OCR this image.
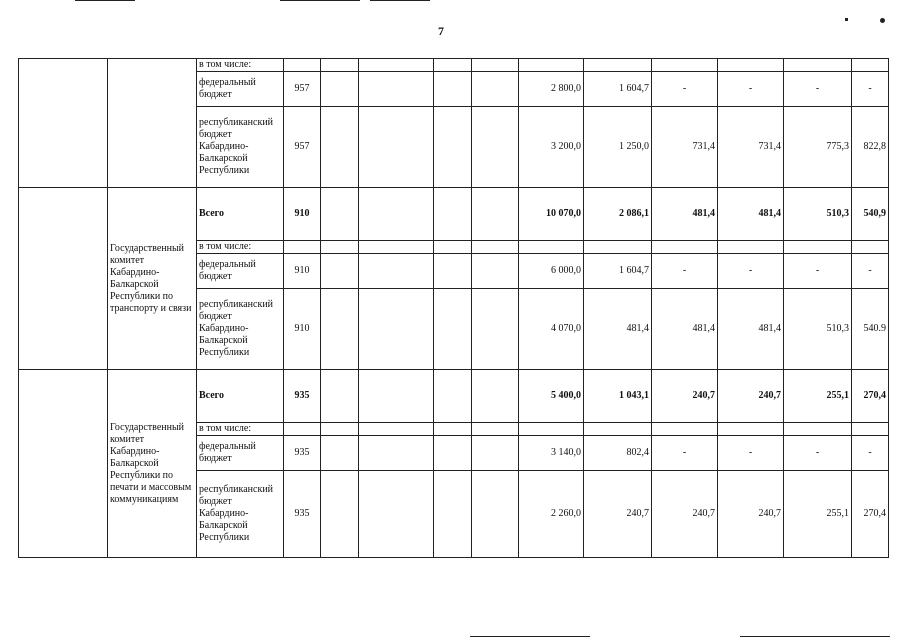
7
		в том числе:											
		федеральный бюджет	957					2 800,0	1 604,7	-	-	-	-
		республиканский бюджет Кабардино-Балкарской Республики	957					3 200,0	1 250,0	731,4	731,4	775,3	822,8
	Государственный комитет Кабардино-Балкарской Республики по транспорту и связи	Всего	910					10 070,0	2 086,1	481,4	481,4	510,3	540,9
		в том числе:											
		федеральный бюджет	910					6 000,0	1 604,7	-	-	-	-
		республиканский бюджет Кабардино-Балкарской Республики	910					4 070,0	481,4	481,4	481,4	510,3	540.9
	Государственный комитет Кабардино-Балкарской Республики по печати и массовым коммуникациям	Всего	935					5 400,0	1 043,1	240,7	240,7	255,1	270,4
		в том числе:											
		федеральный бюджет	935					3 140,0	802,4	-	-	-	-
		республиканский бюджет Кабардино-Балкарской Республики	935					2 260,0	240,7	240,7	240,7	255,1	270,4
